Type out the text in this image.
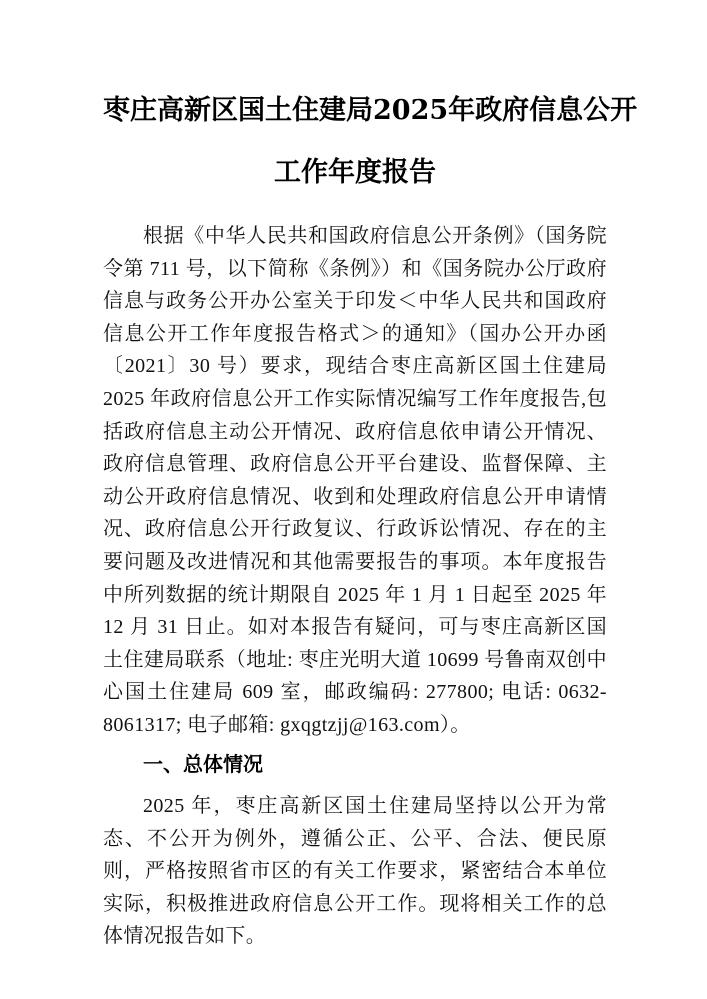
枣庄高新区国土住建局2025年政府信息公开
工作年度报告

根据《中华人民共和国政府信息公开条例》（国务院令第 711 号，以下简称《条例》）和《国务院办公厅政府信息与政务公开办公室关于印发＜中华人民共和国政府信息公开工作年度报告格式＞的通知》（国办公开办函〔2021〕30 号）要求，现结合枣庄高新区国土住建局 2025 年政府信息公开工作实际情况编写工作年度报告,包括政府信息主动公开情况、政府信息依申请公开情况、政府信息管理、政府信息公开平台建设、监督保障、主动公开政府信息情况、收到和处理政府信息公开申请情况、政府信息公开行政复议、行政诉讼情况、存在的主要问题及改进情况和其他需要报告的事项。本年度报告中所列数据的统计期限自 2025 年 1 月 1 日起至 2025 年 12 月 31 日止。如对本报告有疑问，可与枣庄高新区国土住建局联系（地址: 枣庄光明大道 10699 号鲁南双创中心国土住建局 609 室，邮政编码: 277800; 电话: 0632-8061317; 电子邮箱: gxqgtzjj@163.com）。

一、总体情况

2025 年，枣庄高新区国土住建局坚持以公开为常态、不公开为例外，遵循公正、公平、合法、便民原则，严格按照省市区的有关工作要求，紧密结合本单位实际，积极推进政府信息公开工作。现将相关工作的总体情况报告如下。
